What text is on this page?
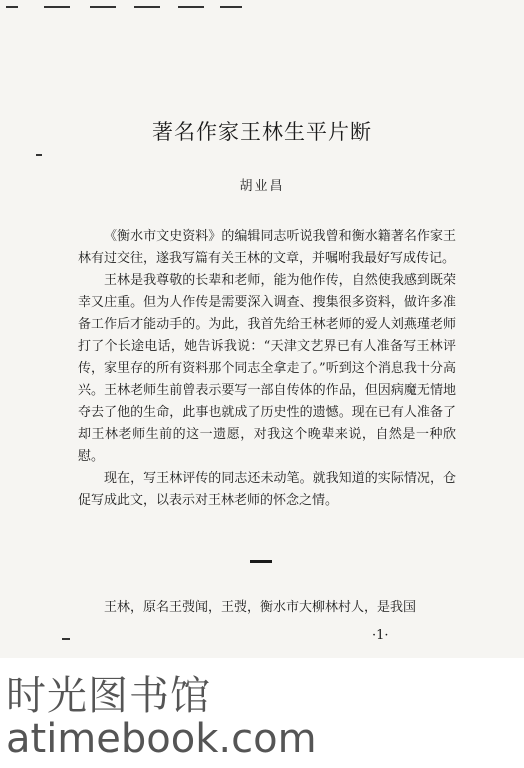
著名作家王林生平片断

胡业昌

《衡水市文史资料》的编辑同志听说我曾和衡水籍著名作家王林有过交往，遂我写篇有关王林的文章，并嘱咐我最好写成传记。

王林是我尊敬的长辈和老师，能为他作传，自然使我感到既荣幸又庄重。但为人作传是需要深入调查、搜集很多资料，做许多准备工作后才能动手的。为此，我首先给王林老师的爱人刘燕瑾老师打了个长途电话，她告诉我说：“天津文艺界已有人准备写王林评传，家里存的所有资料那个同志全拿走了。”听到这个消息我十分高兴。王林老师生前曾表示要写一部自传体的作品，但因病魔无情地夺去了他的生命，此事也就成了历史性的遗憾。现在已有人准备了却王林老师生前的这一遗愿，对我这个晚辈来说，自然是一种欣慰。

现在，写王林评传的同志还未动笔。就我知道的实际情况，仓促写成此文，以表示对王林老师的怀念之情。

王林，原名王弢闻，王弢，衡水市大柳林村人，是我国

·1·

时光图书馆

atimebook.com
